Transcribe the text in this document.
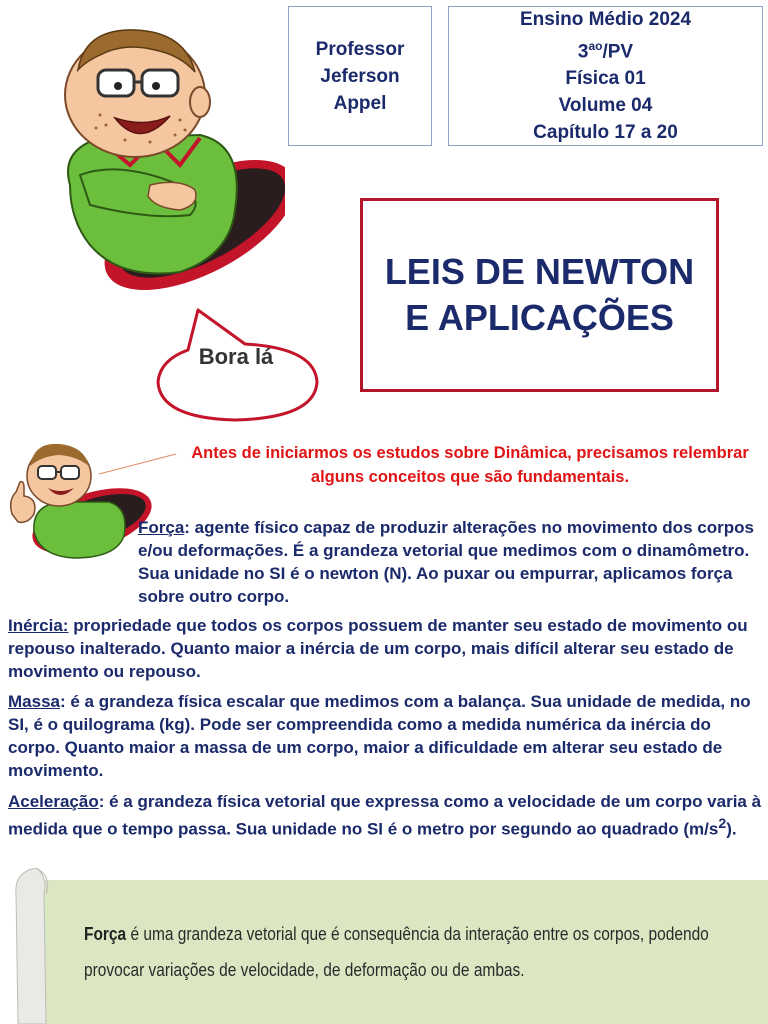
Professor
Jeferson
Appel
Ensino Médio 2024
$3^{ao}/PV$
Física 01
Volume 04
Capítulo 17 a 20
LEIS DE NEWTON
E APLICAÇÕES
Bora lá
Antes de iniciarmos os estudos sobre Dinâmica, precisamos relembrar alguns conceitos que são fundamentais.
Força: agente físico capaz de produzir alterações no movimento dos corpos e/ou deformações. É a grandeza vetorial que medimos com o dinamômetro. Sua unidade no SI é o newton (N). Ao puxar ou empurrar, aplicamos força sobre outro corpo.
Inércia: propriedade que todos os corpos possuem de manter seu estado de movimento ou repouso inalterado. Quanto maior a inércia de um corpo, mais difícil alterar seu estado de movimento ou repouso.
Massa: é a grandeza física escalar que medimos com a balança. Sua unidade de medida, no SI, é o quilograma (kg). Pode ser compreendida como a medida numérica da inércia do corpo. Quanto maior a massa de um corpo, maior a dificuldade em alterar seu estado de movimento.
Aceleração: é a grandeza física vetorial que expressa como a velocidade de um corpo varia à medida que o tempo passa. Sua unidade no SI é o metro por segundo ao quadrado $(m/s^2)$.
Força é uma grandeza vetorial que é consequência da interação entre os corpos, podendo provocar variações de velocidade, de deformação ou de ambas.
